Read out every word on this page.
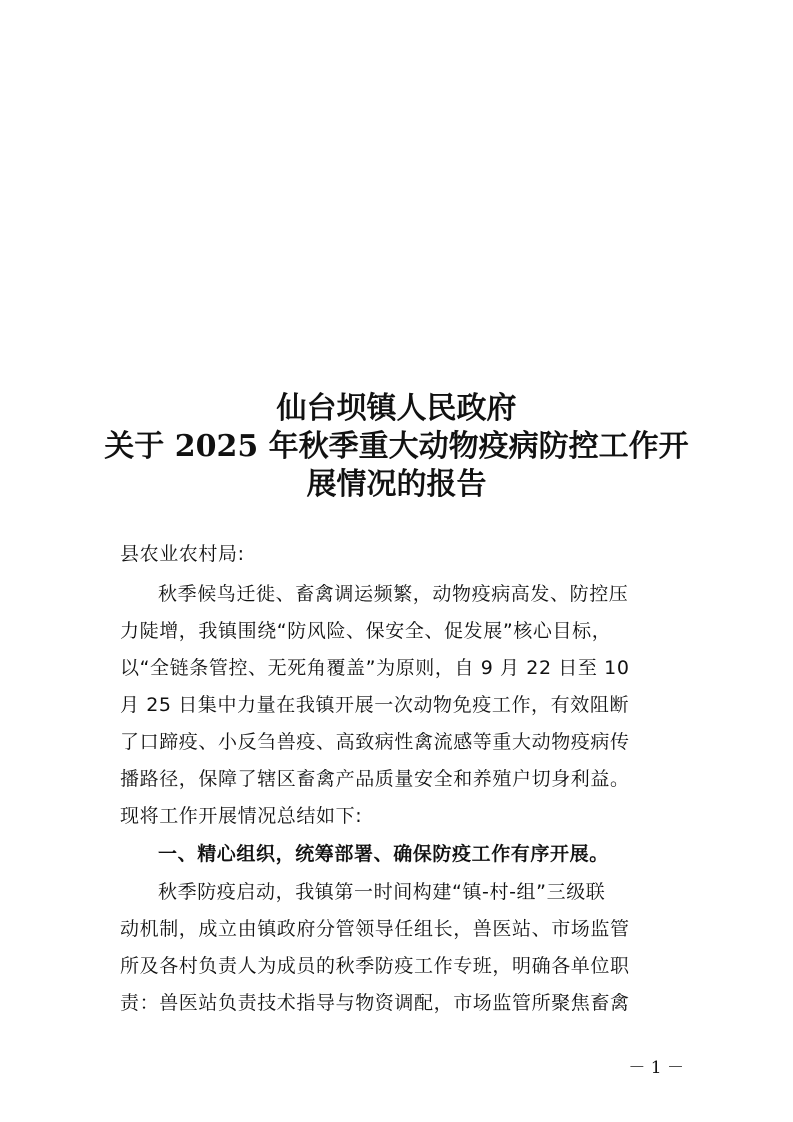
仙台坝镇人民政府
关于 2025 年秋季重大动物疫病防控工作开
展情况的报告
县农业农村局:
秋季候鸟迁徙、畜禽调运频繁，动物疫病高发、防控压
力陡增，我镇围绕“防风险、保安全、促发展”核心目标，
以“全链条管控、无死角覆盖”为原则，自 9 月 22 日至 10
月 25 日集中力量在我镇开展一次动物免疫工作，有效阻断
了口蹄疫、小反刍兽疫、高致病性禽流感等重大动物疫病传
播路径，保障了辖区畜禽产品质量安全和养殖户切身利益。
现将工作开展情况总结如下:
一、精心组织，统筹部署、确保防疫工作有序开展。
秋季防疫启动，我镇第一时间构建“镇-村-组”三级联
动机制，成立由镇政府分管领导任组长，兽医站、市场监管
所及各村负责人为成员的秋季防疫工作专班，明确各单位职
责：兽医站负责技术指导与物资调配，市场监管所聚焦畜禽
－ 1 －
